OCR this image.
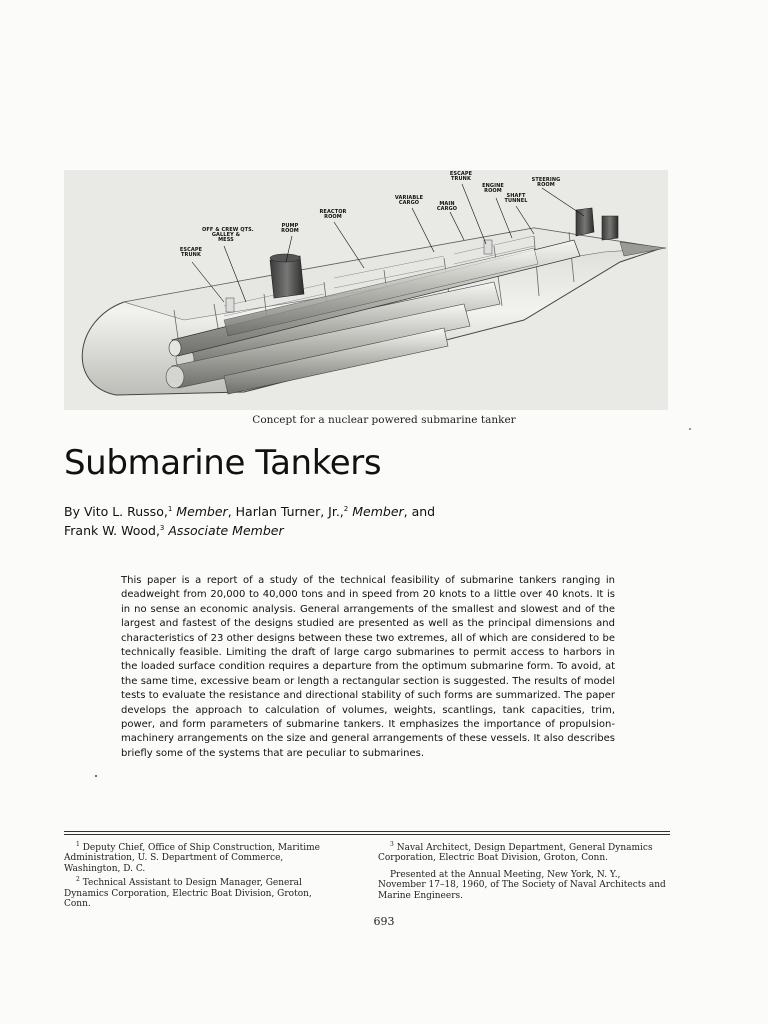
ESCAPE
TRUNK
OFF & CREW QTS.
GALLEY &
MESS
PUMP
ROOM
REACTOR
ROOM
VARIABLE
CARGO	MAIN
CARGO
ESCAPE
TRUNK
ENGINE
ROOM
SHAFT
TUNNEL
STEERING
ROOM
Concept for a nuclear powered submarine tanker
Submarine Tankers
By Vito L. Russo,$^1$ Member, Harlan Turner, Jr.,$^2$ Member, and
Frank W. Wood,$^3$ Associate Member
This paper is a report of a study of the technical feasibility of submarine tankers ranging in deadweight from 20,000 to 40,000 tons and in speed from 20 knots to a little over 40 knots. It is in no sense an economic analysis. General arrangements of the smallest and slowest and of the largest and fastest of the designs studied are presented as well as the principal dimensions and characteristics of 23 other designs between these two extremes, all of which are considered to be technically feasible. Limiting the draft of large cargo submarines to permit access to harbors in the loaded surface condition requires a departure from the optimum submarine form. To avoid, at the same time, excessive beam or length a rectangular section is suggested. The results of model tests to evaluate the resistance and directional stability of such forms are summarized. The paper develops the approach to calculation of volumes, weights, scantlings, tank capacities, trim, power, and form parameters of submarine tankers. It emphasizes the importance of propulsion-machinery arrangements on the size and general arrangements of these vessels. It also describes briefly some of the systems that are peculiar to submarines.

$^1$ Deputy Chief, Office of Ship Construction, Maritime Administration, U. S. Department of Commerce, Washington, D. C.

$^2$ Technical Assistant to Design Manager, General Dynamics Corporation, Electric Boat Division, Groton, Conn.

$^3$ Naval Architect, Design Department, General Dynamics Corporation, Electric Boat Division, Groton, Conn.

Presented at the Annual Meeting, New York, N. Y., November 17–18, 1960, of The Society of Naval Architects and Marine Engineers.

693
